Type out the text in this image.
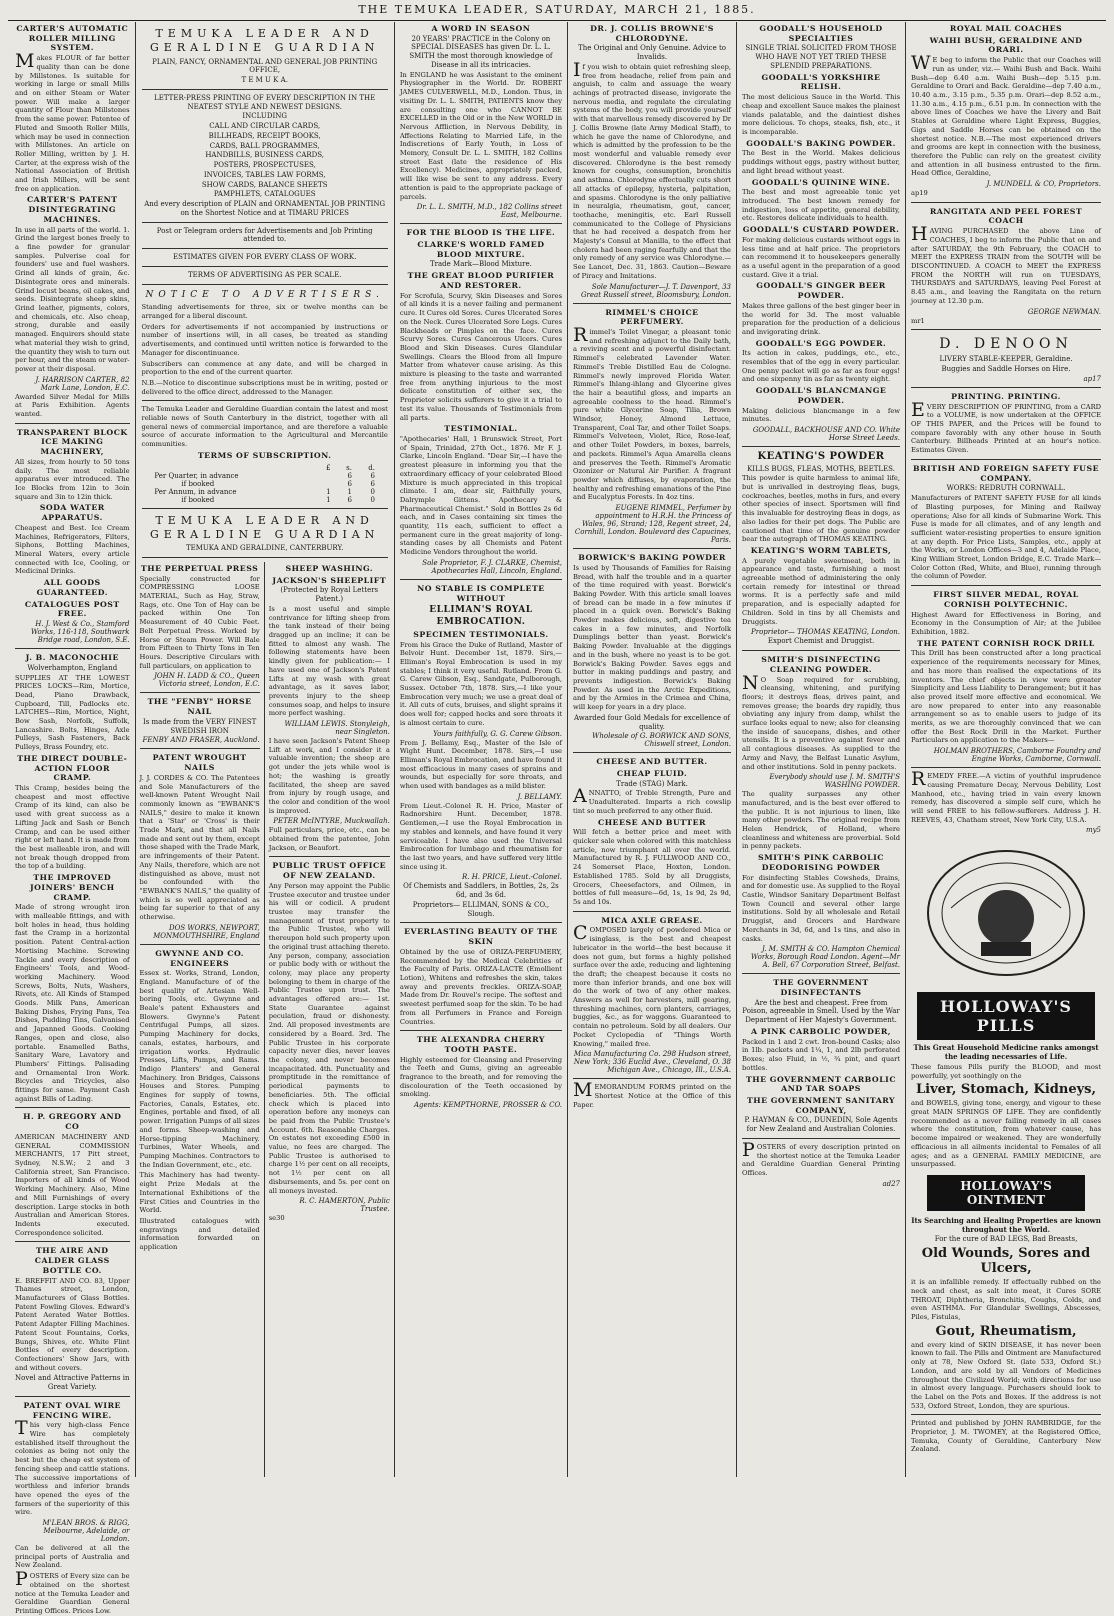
THE TEMUKA LEADER, SATURDAY, MARCH 21, 1885.
CARTER'S AUTOMATIC ROLLER MILLING SYSTEM.
Makes FLOUR of far better quality than can be done by Millstones. Is suitable for working in large or small Mills and on either Steam or Water power. Will make a larger quantity of Flour than Millstones from the same power. Patentee of Fluted and Smooth Roller Mills, which may be used in connection with Millstones. An article on Roller Milling, written by J. H. Carter, at the express wish of the National Association of British and Irish Millers, will be sent free on application.
CARTER'S PATENT DISINTEGRATING MACHINES.
In use in all parts of the world. 1. Grind the largest bones freely to a fine powder for granular samples. Pulverise coal for founders' use and fuel washers. Grind all kinds of grain, &c. Disintegrate ores and minerals. Grind locust beans, oil cakes, and seeds. Disintegrate sheep skins, Grind leather, pigments, colors, and chemicals, etc. Also cheap, strong, durable and easily managed. Enquirers should state what material they wish to grind, the quantity they wish to turn out per hour, and the steam or water-power at their disposal.
J. HARRISON CARTER, 82 Mark Lane, London, E.C.
Awarded Silver Medal for Mills at Paris Exhibition. Agents wanted.
TRANSPARENT BLOCK ICE MAKING MACHINERY,
All sizes, from hourly to 50 tons daily. The most reliable apparatus ever introduced. The Ice Blocks from 12in to 3oin square and 3in to 12in thick.
SODA WATER APPARATUS.
Cheapest and Best. Ice Cream Machines, Refrigerators, Filters, Siphons, Bottling Machines, Mineral Waters, every article connected with Ice, Cooling, or Medicinal Drinks.
ALL GOODS GUARANTEED.
CATALOGUES POST FREE.
H. J. West & Co., Stamford Works, 116-118, Southwark Bridge road, London, S.E.
J. B. MACONOCHIE
Wolverhampton, England
SUPPLIES AT THE LOWEST PRICES LOCKS—Rim, Mortice, Dead, Piano Drawback, Cupboard, Till, Padlocks etc. LATCHES—Rim, Mortice, Night, Bow Sash, Norfolk, Suffolk, Lancashire. Bolts, Hinges, Axle Pulleys, Sash Fasteners, Back Pulleys, Brass Foundry, etc.
THE DIRECT DOUBLE-ACTION FLOOR CRAMP.
This Cramp, besides being the cheapest and most effective Cramp of its kind, can also be used with great success as a Lifting Jack and Sash or Bench Cramp, and can be used either right or left hand. It is made from the best malleable iron, and will not break though dropped from the top of a building.
THE IMPROVED JOINERS' BENCH CRAMP.
Made of strong wrought iron with malleable fittings, and with bolt holes in head, thus holding fast the Cramp in a horizontal position. Patent Central-action Mortising Machine. Screwing Tackle and every description of Engineers' Tools, and Wood-working Machinery. Wood Screws, Bolts, Nuts, Washers, Rivets, etc. All Kinds of Stamped Goods. Milk Pans, American Baking Dishes, Frying Pans, Tea Dishes, Pudding Tins, Galvanised and Japanned Goods. Cooking Ranges, open and close, also portable. Enamelled Baths, Sanitary Ware, Lavatory and Plumbers' Fittings. Palisading and Ornamental Iron Work. Bicycles and Tricycles, also fittings for same. Payment Cash against Bills of Lading.
H. P. GREGORY AND CO
AMERICAN MACHINERY AND GENERAL COMMISSION MERCHANTS, 17 Pitt street, Sydney, N.S.W.; 2 and 3 California street, San Francisco. Importers of all kinds of Wood Working Machinery. Also, Mine and Mill Furnishings of every description. Large stocks in both Australian and American Stores. Indents executed. Correspondence solicited.
THE AIRE AND CALDER GLASS BOTTLE CO.
E. BREFFIT AND CO. 83, Upper Thames street, London, Manufacturers of Glass Bottles. Patent Fowling Gloves. Edward's Patent Aerated Water Bottles. Patent Adapter Filling Machines. Patent Scout Fountains, Corks, Bungs, Shives, etc. White Flint Bottles of every description. Confectioners' Show Jars, with and without covers.
Novel and Attractive Patterns in Great Variety.
PATENT OVAL WIRE FENCING WIRE.
This very high-class Fence Wire has completely established itself throughout the colonies as being not only the best but the cheap est system of fencing sheep and cattle stations. The successive importations of worthless and inferior brands have opened the eyes of the farmers of the superiority of this wire.
M'LEAN BROS. & RIGG, Melbourne, Adelaide, or London.
Can be delivered at all the principal ports of Australia and New Zealand.
POSTERS of Every size can be obtained on the shortest notice at the Temuka Leader and Geraldine Guardian General Printing Offices. Prices Low.
TEMUKA LEADER AND GERALDINE GUARDIAN
PLAIN, FANCY, ORNAMENTAL AND GENERAL JOB PRINTING OFFICE,
T E M U K A.
LETTER-PRESS PRINTING OF EVERY DESCRIPTION IN THE NEATEST STYLE AND NEWEST DESIGNS.
INCLUDING
CALL AND CIRCULAR CARDS,
BILLHEADS, RECEIPT BOOKS,
CARDS, BALL PROGRAMMES,
HANDBILLS, BUSINESS CARDS,
POSTERS, PROSPECTUSES,
INVOICES, TABLES LAW FORMS,
SHOW CARDS, BALANCE SHEETS
PAMPHLETS, CATALOGUES
And every description of PLAIN and ORNAMENTAL JOB PRINTING on the Shortest Notice and at TIMARU PRICES
Post or Telegram orders for Advertisements and Job Printing attended to.
ESTIMATES GIVEN FOR EVERY CLASS OF WORK.
TERMS OF ADVERTISING AS PER SCALE.
NOTICE TO ADVERTISERS.
Standing advertisements for three, six or twelve months can be arranged for a liberal discount.
Orders for advertisements if not accompanied by instructions or number of insertions will, in all cases, be treated as standing advertisements, and continued until written notice is forwarded to the Manager for discontinuance.
Subscribers can commence at any date, and will be charged in proportion to the end of the current quarter.
N.B.—Notice to discontinue subscriptions must be in writing, posted or delivered to the office direct, addressed to the Manager.
The Temuka Leader and Geraldine Guardian contain the latest and most reliable news of South Canterbury in the district, together with all general news of commercial importance, and are therefore a valuable source of accurate information to the Agricultural and Mercantile communities.
TERMS OF SUBSCRIPTION.
	£	s.	d.
Per Quarter, in advance		6	6
if booked		6	6
Per Annum, in advance	1	1	0
if booked	1	6	0
TEMUKA LEADER AND GERALDINE GUARDIAN
TEMUKA AND GERALDINE, CANTERBURY.
THE PERPETUAL PRESS
Specially constructed for COMPRESSING LOOSE MATERIAL, Such as Hay, Straw, Rags, etc. One Ton of Hay can be packed within One Ton Measurement of 40 Cubic Feet. Belt Perpetual Press. Worked by Horse or Steam Power. Will Bale from Fifteen to Thirty Tons in Ten Hours. Descriptive Circulars with full particulars, on application to
JOHN H. LADD & CO., Queen Victoria street, London, E.C.
THE "FENBY" HORSE NAIL
Is made from the VERY FINEST SWEDISH IRON
FENBY AND FRASER, Auckland.
PATENT WROUGHT NAILS
J. J. CORDES & CO. The Patentees and Sole Manufacturers of the well-known Patent Wrought Nail commonly known as "EWBANK'S NAILS," desire to make it known that a 'Star' or 'Cross' is their Trade Mark, and that all Nails made and sent out by them, except those shaped with the Trade Mark, are infringements of their Patent. Any Nails, therefore, which are not distinguished as above, must not be confounded with the "EWBANK'S NAILS," the quality of which is so well appreciated as being far superior to that of any otherwise.
DOS WORKS, NEWPORT, MONMOUTHSHIRE, England
GWYNNE AND CO. ENGINEERS
Essex st. Works, Strand, London, England. Manufacture of of the best quality of Artesian Well-boring Tools, etc. Gwynne and Beale's patent Exhausters and Blowers. Gwynne's Patent Centrifugal Pumps, all sizes. Pumping Machinery for docks, canals, estates, harbours, and irrigation works. Hydraulic Presses, Lifts, Pumps, and Rams. Indigo Planters' and General Machinery. Iron Bridges, Caissons Houses and Stores. Pumping Engines for supply of towns, Factories, Canals, Estates, etc. Engines, portable and fixed, of all power. Irrigation Pumps of all sizes and forms. Sheep-washing and Horse-tipping Machinery. Turbines, Water Wheels, and Pumping Machines. Contractors to the Indian Government, etc., etc.
This Machinery has had twenty-eight Prize Medals at the International Exhibitions of the First Cities and Countries in the World.
Illustrated catalogues with engravings and detailed information forwarded on application
SHEEP WASHING.
JACKSON'S SHEEPLIFT
(Protected by Royal Letters Patent.)
Is a most useful and simple contrivance for lifting sheep from the tank instead of their being dragged up an incline; it can be fitted to almost any wash. The following statements have been kindly given for publication:— I have used one of Jackson's Patent Lifts at my wash with great advantage, as it saves labor, prevents injury to the sheep consumes soap, and helps to insure more perfect washing.
WILLIAM LEWIS. Stonyleigh, near Singleton.
I have seen Jackson's Patent Sheep Lift at work, and I consider it a valuable invention; the sheep are got under the jets while wool is hot; the washing is greatly facilitated, the sheep are saved from injury by rough usage, and the color and condition of the wool is improved.
PETER McINTYRE, Muckwallah.
Full particulars, price, etc., can be obtained from the patentee, John Jackson, or Beaufort.
PUBLIC TRUST OFFICE OF NEW ZEALAND.
Any Person may appoint the Public Trustee executor and trustee under his will or codicil. A prudent trustee may transfer the management of trust property to the Public Trustee, who will thereupon hold such property upon the original trust attaching thereto. Any person, company, association or public body with or without the colony, may place any property belonging to them in charge of the Public Trustee upon trust. The advantages offered are:— 1st. State Guarantee against peculation, fraud or dishonesty. 2nd. All proposed investments are considered by a Board. 3rd. The Public Trustee in his corporate capacity never dies, never leaves the colony, and never becomes incapacitated. 4th. Punctuality and promptitude in the remittance of periodical payments to beneficiaries. 5th. The official check which is placed into operation before any moneys can be paid from the Public Trustee's Account. 6th. Reasonable Charges. On estates not exceeding £500 in value, no fees are charged. The Public Trustee is authorised to charge 1½ per cent on all receipts, not 1½ per cent on all disbursements, and 5s. per cent on all moneys invested.
R. C. HAMERTON, Public Trustee.
se30
A WORD IN SEASON
20 YEARS' PRACTICE in the Colony on SPECIAL DISEASES has given Dr. L. L. SMITH the most thorough knowledge of Disease in all its intricacies.
In ENGLAND he was Assistant to the eminent Physiographer in the World. Dr. ROBERT JAMES CULVERWELL, M.D., London. Thus, in visiting Dr. L. L. SMITH, PATIENTS know they are consulting one who CANNOT BE EXCELLED in the Old or in the New WORLD in Nervous Affliction, in Nervous Debility, in Affections Relating to Married Life, in the Indiscretions of Early Youth, in Loss of Memory, Consult Dr. L. L. SMITH, 182 Collins street East (late the residence of His Excellency). Medicines, appropriately packed, will like wise be sent to any address. Every attention is paid to the appropriate package of parcels.
Dr. L. L. SMITH, M.D., 182 Collins street East, Melbourne.
FOR THE BLOOD IS THE LIFE.
CLARKE'S WORLD FAMED BLOOD MIXTURE.
Trade Mark—Blood Mixture.
THE GREAT BLOOD PURIFIER AND RESTORER.
For Scrofula, Scurvy, Skin Diseases and Sores of all kinds it is a never failing and permanent cure. It Cures old Sores. Cures Ulcerated Sores on the Neck. Cures Ulcerated Sore Legs. Cures Blackheads or Pimples on the face. Cures Scurvy Sores. Cures Cancerous Ulcers. Cures Blood and Skin Diseases. Cures Glandular Swellings. Clears the Blood from all Impure Matter from whatever cause arising. As this mixture is pleasing to the taste and warranted free from anything injurious to the most delicate constitution of either sex, the Proprietor solicits sufferers to give it a trial to test its value. Thousands of Testimonials from all parts.
TESTIMONIAL.
"Apothecaries' Hall, 1 Brunswick Street, Port of Spain, Trinidad, 27th Oct., 1876. Mr F. J. Clarke, Lincoln England. "Dear Sir,—I have the greatest pleasure in informing you that the extraordinary efficacy of your celebrated Blood Mixture is much appreciated in this tropical climate. I am, dear sir, Faithfully yours, Dalrymple Gittens. Apothecary & Pharmaceutical Chemist." Sold in Bottles 2s 6d each, and in Cases containing six times the quantity, 11s each, sufficient to effect a permanent cure in the great majority of long-standing cases by all Chemists and Patent Medicine Vendors throughout the world.
Sole Proprietor, F. J. CLARKE, Chemist, Apothecaries Hall, Lincoln, England.
NO STABLE IS COMPLETE WITHOUT
ELLIMAN'S ROYAL EMBROCATION.
SPECIMEN TESTIMONIALS.
From his Grace the Duke of Rutland, Master of Belvoir Hunt. December 1st, 1879. Sirs,—Elliman's Royal Embrocation is used in my stables; I think it very useful. Rutland. From G. G. Carew Gibson, Esq., Sandgate, Pulborough, Sussex. October 7th, 1878. Sirs,—I like your Embrocation very much; we use a great deal of it. All cuts of cuts, bruises, and slight sprains it does well for; capped hocks and sore throats it is almost certain to cure.
Yours faithfully, G. G. Carew Gibson.
From J. Bellamy, Esq., Master of the Isle of Wight Hunt. December, 1878. Sirs,—I use Elliman's Royal Embrocation, and have found it most efficacious in many cases of sprains and wounds, but especially for sore throats, and when used with bandages as a mild blister.
J. BELLAMY.
From Lieut.-Colonel R. H. Price, Master of Radnorshire Hunt. December, 1878. Gentlemen,—I use the Royal Embrocation in my stables and kennels, and have found it very serviceable. I have also used the Universal Embrocation for lumbago and rheumatism for the last two years, and have suffered very little since using it.
R. H. PRICE, Lieut.-Colonel.
Of Chemists and Saddlers, in Bottles, 2s, 2s 6d, and 3s 6d.
Proprietors— ELLIMAN, SONS & CO., Slough.
EVERLASTING BEAUTY OF THE SKIN
Obtained by the use of ORIZA-PERFUMERY, Recommended by the Medical Celebrities of the Faculty of Paris. ORIZA-LACTE (Emollient Lotion), Whitens and refreshes the skin, takes away and prevents freckles. ORIZA-SOAP, Made from Dr. Rouvel's recipe. The softest and sweetest perfumed soap for the skin. To be had from all Perfumers in France and Foreign Countries.
THE ALEXANDRA CHERRY TOOTH PASTE.
Highly esteemed for Cleansing and Preserving the Teeth and Gums, giving an agreeable fragrance to the breath, and for removing the discolouration of the Teeth occasioned by smoking.
Agents: KEMPTHORNE, PROSSER & CO.
DR. J. COLLIS BROWNE'S CHLORODYNE.
The Original and Only Genuine. Advice to Invalids.
If you wish to obtain quiet refreshing sleep, free from headache, relief from pain and anguish, to calm and assuage the weary achings of protracted disease, invigorate the nervous media, and regulate the circulating systems of the body, you will provide yourself with that marvellous remedy discovered by Dr J. Collis Browne (late Army Medical Staff), to which he gave the name of Chlorodyne, and which is admitted by the profession to be the most wonderful and valuable remedy ever discovered. Chlorodyne is the best remedy known for coughs, consumption, bronchitis and asthma. Chlorodyne effectually cuts short all attacks of epilepsy, hysteria, palpitation, and spasms. Chlorodyne is the only palliative in neuralgia, rheumatism, gout, cancer, toothache, meningitis, etc. Earl Russell communicated to the College of Physicians that he had received a despatch from her Majesty's Consul at Manilla, to the effect that cholera had been raging fearfully and that the only remedy of any service was Chlorodyne.—See Lancet, Dec. 31, 1863. Caution—Beware of Piracy and Imitations.
Sole Manufacturer—J. T. Davenport, 33 Great Russell street, Bloomsbury, London.
RIMMEL'S CHOICE PERFUMERY.
Rimmel's Toilet Vinegar, a pleasant tonic and refreshing adjunct to the Daily bath, a reviving scent and a powerful disinfectant. Rimmel's celebrated Lavender Water. Rimmel's Treble Distilled Eau de Cologne. Rimmel's newly improved Florida Water. Rimmel's Ihlang-ihlang and Glycerine gives the hair a beautiful gloss, and imparts an agreeable coolness to the head. Rimmel's pure white Glycerine Soap, Tilia, Brown Windsor, Honey, Almond Lettuce, Transparent, Coal Tar, and other Toilet Soaps. Rimmel's Velveteen, Violet, Rice, Rose-leaf, and other Toilet Powders, in boxes, barrels, and packets. Rimmel's Aqua Amarella cleans and preserves the Teeth. Rimmel's Aromatic Ozonizer or Natural Air Purifier. A fragrant powder which diffuses, by evaporation, the healthy and refreshing emanations of the Pine and Eucalyptus Forests. In 4oz tins.
EUGENE RIMMEL, Perfumer by appointment to H.R.H. the Princess of Wales, 96, Strand; 128, Regent street, 24, Cornhill, London. Boulevard des Capucines, Paris.
BORWICK'S BAKING POWDER
Is used by Thousands of Families for Raising Bread, with half the trouble and in a quarter of the time required with yeast. Borwick's Baking Powder. With this article small loaves of bread can be made in a few minutes if placed in a quick oven. Borwick's Baking Powder makes delicious, soft, digestive tea cakes in a few minutes, and Norfolk Dumplings better than yeast. Borwick's Baking Powder. Invaluable at the diggings and in the bush, where no yeast is to be got. Borwick's Baking Powder. Saves eggs and butter in making puddings and pastry, and prevents indigestion. Borwick's Baking Powder. As used in the Arctic Expeditions, and by the Armies in the Crimea and China, will keep for years in a dry place.
Awarded four Gold Medals for excellence of quality.
Wholesale of G. BORWICK AND SONS, Chiswell street, London.
CHEESE AND BUTTER.
CHEAP FLUID.
Trade (STAG) Mark.
ANNATTO, of Treble Strength, Pure and Unadulterated. Imparts a rich cowslip tint so much preferred to any other fluid.
CHEESE AND BUTTER
Will fetch a better price and meet with quicker sale when colored with this matchless article, now triumphant all over the world. Manufactured by R. J. FULLWOOD AND CO., 24 Somerset Place, Hoxton, London. Established 1785. Sold by all Druggists, Grocers, Cheesefactors, and Oilmen, in bottles of full measure—6d, 1s, 1s 9d, 2s 9d, 5s and 10s.
MICA AXLE GREASE.
COMPOSED largely of powdered Mica or isinglass, is the best and cheapest lubricator in the world—the best because it does not gum, but forms a highly polished surface over the axle, reducing and lightening the draft; the cheapest because it costs no more than inferior brands, and one box will do the work of two of any other makes. Answers as well for harvesters, mill gearing, threshing machines, corn planters, carriages, buggies, &c., as for waggons. Guaranteed to contain no petroleum. Sold by all dealers. Our Pocket Cyclopedia of "Things Worth Knowing," mailed free.
Mica Manufacturing Co. 298 Hudson street, New York; 336 Euclid Ave., Cleveland, O. 38 Michigan Ave., Chicago, Ill., U.S.A.
MEMORANDUM FORMS printed on the Shortest Notice at the Office of this Paper.
GOODALL'S HOUSEHOLD SPECIALTIES
SINGLE TRIAL SOLICITED FROM THOSE WHO HAVE NOT YET TRIED THESE SPLENDID PREPARATIONS.
GOODALL'S YORKSHIRE RELISH.
The most delicious Sauce in the World. This cheap and excellent Sauce makes the plainest viands palatable, and the daintiest dishes more delicious. To chops, steaks, fish, etc., it is incomparable.
GOODALL'S BAKING POWDER.
The Best in the World. Makes delicious puddings without eggs, pastry without butter, and light bread without yeast.
GOODALL'S QUININE WINE.
The best and most agreeable tonic yet introduced. The best known remedy for indigestion, loss of appetite, general debility, etc. Restores delicate individuals to health.
GOODALL'S CUSTARD POWDER.
For making delicious custards without eggs in less time and at half price. The proprietors can recommend it to housekeepers generally as a useful agent in the preparation of a good custard. Give it a trial.
GOODALL'S GINGER BEER POWDER.
Makes three gallons of the best ginger beer in the world for 3d. The most valuable preparation for the production of a delicious and invigorating drink.
GOODALL'S EGG POWDER.
Its action in cakes, puddings, etc., etc., resembles that of the egg in every particular. One penny packet will go as far as four eggs! and one sixpenny tin as far as twenty eight.
GOODALL'S BLANCMANGE POWDER.
Making delicious blancmange in a few minutes.
GOODALL, BACKHOUSE AND CO. White Horse Street Leeds.
KEATING'S POWDER
KILLS BUGS, FLEAS, MOTHS, BEETLES.
This powder is quite harmless to animal life, but is unrivalled in destroying fleas, bugs, cockroaches, beetles, moths in furs, and every other species of insect. Sportsmen will find this invaluable for destroying fleas in dogs, as also ladies for their pet dogs. The Public are cautioned that time of the genuine powder bear the autograph of THOMAS KEATING.
KEATING'S WORM TABLETS,
A purely vegetable sweetmeat, both in appearance and taste, furnishing a most agreeable method of administering the only certain remedy for intestinal or thread worms. It is a perfectly safe and mild preparation, and is especially adapted for Children. Sold in tins by all Chemists and Druggists.
Proprietor— THOMAS KEATING, London.
Export Chemist and Druggist.
SMITH'S DISINFECTING CLEANING POWDER.
NO Soap required for scrubbing, cleansing, whitening, and purifying floors; it destroys fleas, drives paint, and removes grease; the boards dry rapidly, thus obviating any injury from damp, whilst the surface looks equal to new; also for cleansing the inside of saucepans, dishes, and other utensils. It is a preventive against fever and all contagious diseases. As supplied to the Army and Navy, the Belfast Lunatic Asylum, and other institutions. Sold in penny packets.
Everybody should use J. M. SMITH'S WASHING POWDER.
The quality surpasses any other manufactured, and is the best ever offered to the public. It is not injurious to linen, like many other powders. The original recipe from Helen Hendrick, of Holland, where cleanliness and whiteness are proverbial. Sold in penny packets.
SMITH'S PINK CARBOLIC DEODORISING POWDER
For disinfecting Stables Cowsheds, Drains, and for domestic use. As supplied to the Royal Castle, Windsor Sanitary Department Belfast Town Council and several other large institutions. Sold by all wholesale and Retail Druggist, and Grocers and Hardware Merchants in 3d, 6d, and 1s tins, and also in casks.
J. M. SMITH & CO. Hampton Chemical Works, Borough Road London. Agent—Mr A. Bell, 67 Corporation Street, Belfast.
THE GOVERNMENT DISINFECTANTS
Are the best and cheapest. Free from Poison, agreeable in Smell. Used by the War Department of Her Majesty's Government.
A PINK CARBOLIC POWDER,
Packed in 1 and 2 cwt. Iron-bound Casks; also in 1lb. packets and 1¼, 1, and 2lb perforated Boxes; also Fluid, in ½, ¾ pint, and quart bottles.
THE GOVERNMENT CARBOLIC AND TAR SOAPS
THE GOVERNMENT SANITARY COMPANY,
P. HAYMAN & CO., DUNEDIN, Sole Agents for New Zealand and Australian Colonies.
POSTERS of every description printed on the shortest notice at the Temuka Leader and Geraldine Guardian General Printing Offices.
ad27
ROYAL MAIL COACHES
WAIHI BUSH, GERALDINE AND ORARI.
WE beg to inform the Public that our Coaches will run as under, viz.— Waihi Bush and Back. Waihi Bush—dep 6.40 a.m. Waihi Bush—dep 5.15 p.m. Geraldine to Orari and Back. Geraldine—dep 7.40 a.m., 10.40 a.m., 3.15 p.m., 5.35 p.m. Orari—dep 8.52 a.m., 11.30 a.m., 4.15 p.m., 6.51 p.m. In connection with the above lines of Coaches we have the Livery and Bait Stables at Geraldine where Light Express, Buggies, Gigs and Saddle Horses can be obtained on the shortest notice. N.B.—The most experienced drivers and grooms are kept in connection with the business, therefore the Public can rely on the greatest civility and attention in all business entrusted to the firm. Head Office, Geraldine,
J. MUNDELL & CO, Proprietors.
ap19
RANGITATA AND PEEL FOREST COACH
HAVING PURCHASED the above Line of COACHES, I beg to inform the Public that on and after SATURDAY, the 9th February, the COACH to MEET the EXPRESS TRAIN from the SOUTH will be DISCONTINUED. A COACH to MEET the EXPRESS FROM the NORTH will run on TUESDAYS, THURSDAYS and SATURDAYS, leaving Peel Forest at 8.45 a.m., and leaving the Rangitata on the return journey at 12.30 p.m.
GEORGE NEWMAN.
mr1
D. DENOON
LIVERY STABLE-KEEPER, Geraldine.
Buggies and Saddle Horses on Hire.
ap17
PRINTING. PRINTING.
EVERY DESCRIPTION OF PRINTING, from a CARD to a VOLUME, is now undertaken at the OFFICE OF THIS PAPER, and the Prices will be found to compare favorably with any other house in South Canterbury. Billheads Printed at an hour's notice. Estimates Given.
BRITISH AND FOREIGN SAFETY FUSE COMPANY.
WORKS: REDRUTH CORNWALL.
Manufacturers of PATENT SAFETY FUSE for all kinds of Blasting purposes, for Mining and Railway operations; Also for all kinds of Submarine Work. This Fuse is made for all climates, and of any length and sufficient water-resisting properties to ensure ignition at any depth. For Price Lists, Samples, etc., apply at the Works, or London Offices—3 and 4, Adelaide Place, King William Street, London Bridge, E.C. Trade Mark—Color Cotton (Red, White, and Blue), running through the column of Powder.
FIRST SILVER MEDAL, ROYAL CORNISH POLYTECHNIC.
Highest Award for Effectiveness in Boring, and Economy in the Consumption of Air; at the Jubilee Exhibition, 1882.
THE PATENT CORNISH ROCK DRILL
This Drill has been constructed after a long practical experience of the requirements necessary for Mines, and has more than realised the expectations of its inventors. The chief objects in view were greater Simplicity and Less Liability to Derangement; but it has also proved itself more effective and economical. We are now prepared to enter into any reasonable arrangement so as to enable users to judge of its merits, as we are thoroughly convinced that we can offer the Best Rock Drill in the Market. Further Particulars on application to the Makers—
HOLMAN BROTHERS, Camborne Foundry and Engine Works, Camborne, Cornwall.
REMEDY FREE.—A victim of youthful imprudence causing Premature Decay, Nervous Debility, Lost Manhood, etc., having tried in vain every known remedy, has discovered a simple self cure, which he will send FREE to his fellow-sufferers. Address J. H. REEVES, 43, Chatham street, New York City, U.S.A.
my5
HOLLOWAY'S PILLS
This Great Household Medicine ranks amongst the leading necessaries of Life.
These famous Pills purify the BLOOD, and most powerfully, yet soothingly on the
Liver, Stomach, Kidneys,
and BOWELS, giving tone, energy, and vigour to these great MAIN SPRINGS OF LIFE. They are confidently recommended as a never failing remedy in all cases where the constitution, from whatever cause, has become impaired or weakened. They are wonderfully efficacious in all ailments incidental to Females of all ages; and as a GENERAL FAMILY MEDICINE, are unsurpassed.
HOLLOWAY'S OINTMENT
Its Searching and Healing Properties are known throughout the World.
For the cure of BAD LEGS, Bad Breasts,
Old Wounds, Sores and Ulcers,
it is an infallible remedy. If effectually rubbed on the neck and chest, as salt into meat, it Cures SORE THROAT, Diphtheria, Bronchitis, Coughs, Colds, and even ASTHMA. For Glandular Swellings, Abscesses, Piles, Fistulas,
Gout, Rheumatism,
and every kind of SKIN DISEASE, it has never been known to fail. The Pills and Ointment are Manufactured only at 78, New Oxford St. (late 533, Oxford St.) London, and are sold by all Vendors of Medicines throughout the Civilized World; with directions for use in almost every language. Purchasers should look to the Label on the Pots and Boxes. If the address is not 533, Oxford Street, London, they are spurious.
Printed and published by JOHN RAMBRIDGE, for the Proprietor, J. M. TWOMEY, at the Registered Office, Temuka, County of Geraldine, Canterbury New Zealand.
